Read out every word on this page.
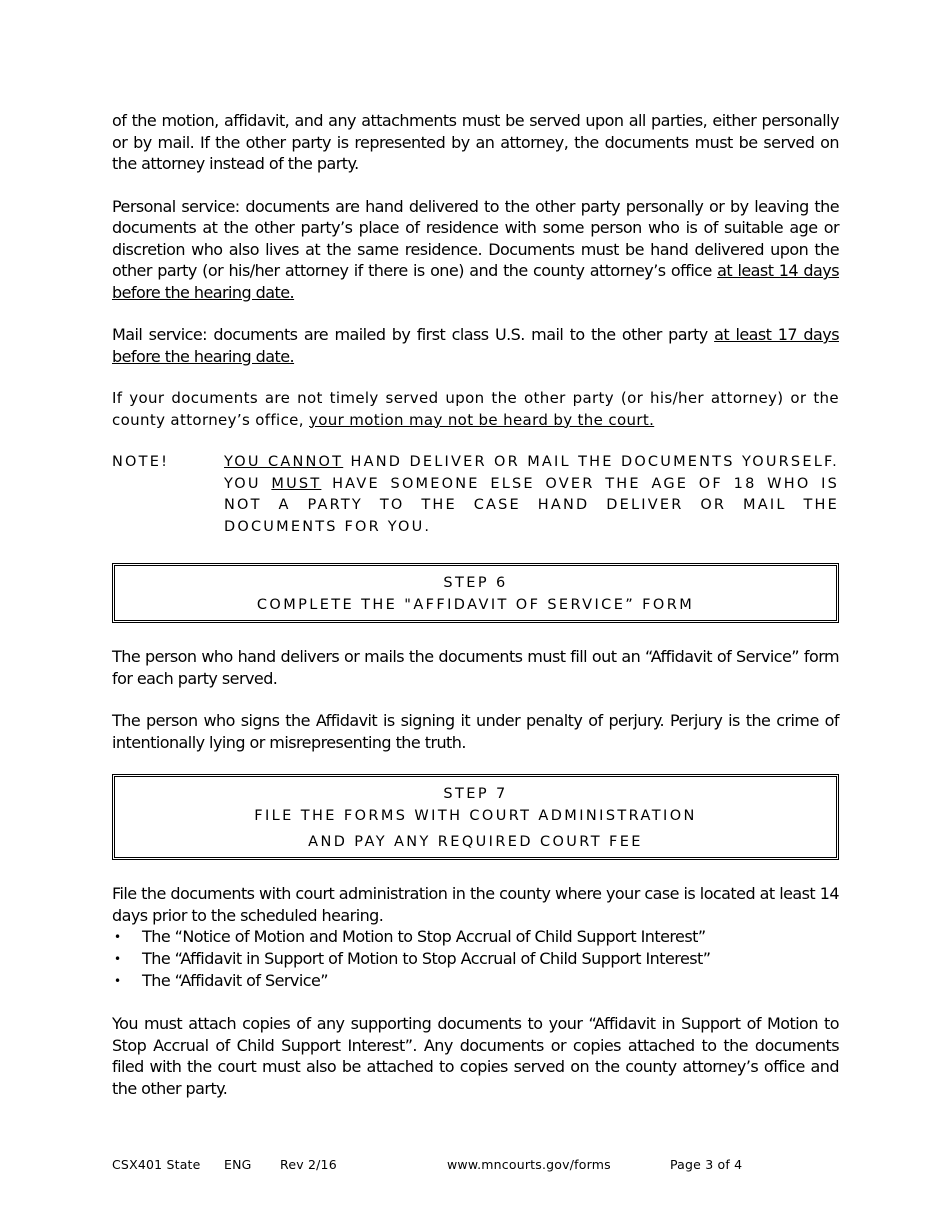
of the motion, affidavit, and any attachments must be served upon all parties, either personally or by mail. If the other party is represented by an attorney, the documents must be served on the attorney instead of the party.

Personal service: documents are hand delivered to the other party personally or by leaving the documents at the other party’s place of residence with some person who is of suitable age or discretion who also lives at the same residence. Documents must be hand delivered upon the other party (or his/her attorney if there is one) and the county attorney’s office at least 14 days before the hearing date.

Mail service: documents are mailed by first class U.S. mail to the other party at least 17 days before the hearing date.

If your documents are not timely served upon the other party (or his/her attorney) or the county attorney’s office, your motion may not be heard by the court.

NOTE!	YOU CANNOT HAND DELIVER OR MAIL THE DOCUMENTS YOURSELF. YOU MUST HAVE SOMEONE ELSE OVER THE AGE OF 18 WHO IS NOT A PARTY TO THE CASE HAND DELIVER OR MAIL THE DOCUMENTS FOR YOU.
STEP 6
COMPLETE THE "AFFIDAVIT OF SERVICE” FORM

The person who hand delivers or mails the documents must fill out an “Affidavit of Service” form for each party served.

The person who signs the Affidavit is signing it under penalty of perjury. Perjury is the crime of intentionally lying or misrepresenting the truth.

STEP 7
FILE THE FORMS WITH COURT ADMINISTRATION
AND PAY ANY REQUIRED COURT FEE

File the documents with court administration in the county where your case is located at least 14 days prior to the scheduled hearing.

•	The “Notice of Motion and Motion to Stop Accrual of Child Support Interest”
•	The “Affidavit in Support of Motion to Stop Accrual of Child Support Interest”
•	The “Affidavit of Service”

You must attach copies of any supporting documents to your “Affidavit in Support of Motion to Stop Accrual of Child Support Interest”. Any documents or copies attached to the documents filed with the court must also be attached to copies served on the county attorney’s office and the other party.

CSX401 State ENG Rev 2/16	www.mncourts.gov/forms	Page 3 of 4
